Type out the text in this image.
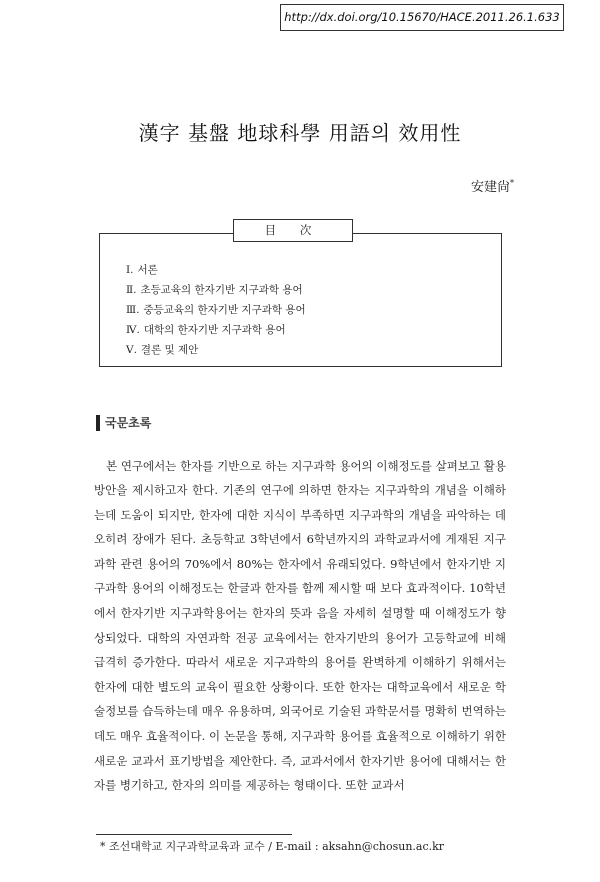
http://dx.doi.org/10.15670/HACE.2011.26.1.633
漢字 基盤 地球科學 用語의 效用性
安建尙*
目 次
Ⅰ. 서론
Ⅱ. 초등교육의 한자기반 지구과학 용어
Ⅲ. 중등교육의 한자기반 지구과학 용어
Ⅳ. 대학의 한자기반 지구과학 용어
Ⅴ. 결론 및 제안
국문초록

본 연구에서는 한자를 기반으로 하는 지구과학 용어의 이해정도를 살펴보고 활용방안을 제시하고자 한다. 기존의 연구에 의하면 한자는 지구과학의 개념을 이해하는데 도움이 되지만, 한자에 대한 지식이 부족하면 지구과학의 개념을 파악하는 데 오히려 장애가 된다. 초등학교 3학년에서 6학년까지의 과학교과서에 게재된 지구과학 관련 용어의 70%에서 80%는 한자에서 유래되었다. 9학년에서 한자기반 지구과학 용어의 이해정도는 한글과 한자를 함께 제시할 때 보다 효과적이다. 10학년에서 한자기반 지구과학용어는 한자의 뜻과 음을 자세히 설명할 때 이해정도가 향상되었다. 대학의 자연과학 전공 교육에서는 한자기반의 용어가 고등학교에 비해 급격히 증가한다. 따라서 새로운 지구과학의 용어를 완벽하게 이해하기 위해서는 한자에 대한 별도의 교육이 필요한 상황이다. 또한 한자는 대학교육에서 새로운 학술정보를 습득하는데 매우 유용하며, 외국어로 기술된 과학문서를 명확히 번역하는데도 매우 효율적이다. 이 논문을 통해, 지구과학 용어를 효율적으로 이해하기 위한 새로운 교과서 표기방법을 제안한다. 즉, 교과서에서 한자기반 용어에 대해서는 한자를 병기하고, 한자의 의미를 제공하는 형태이다. 또한 교과서

* 조선대학교 지구과학교육과 교수 / E-mail : aksahn@chosun.ac.kr
